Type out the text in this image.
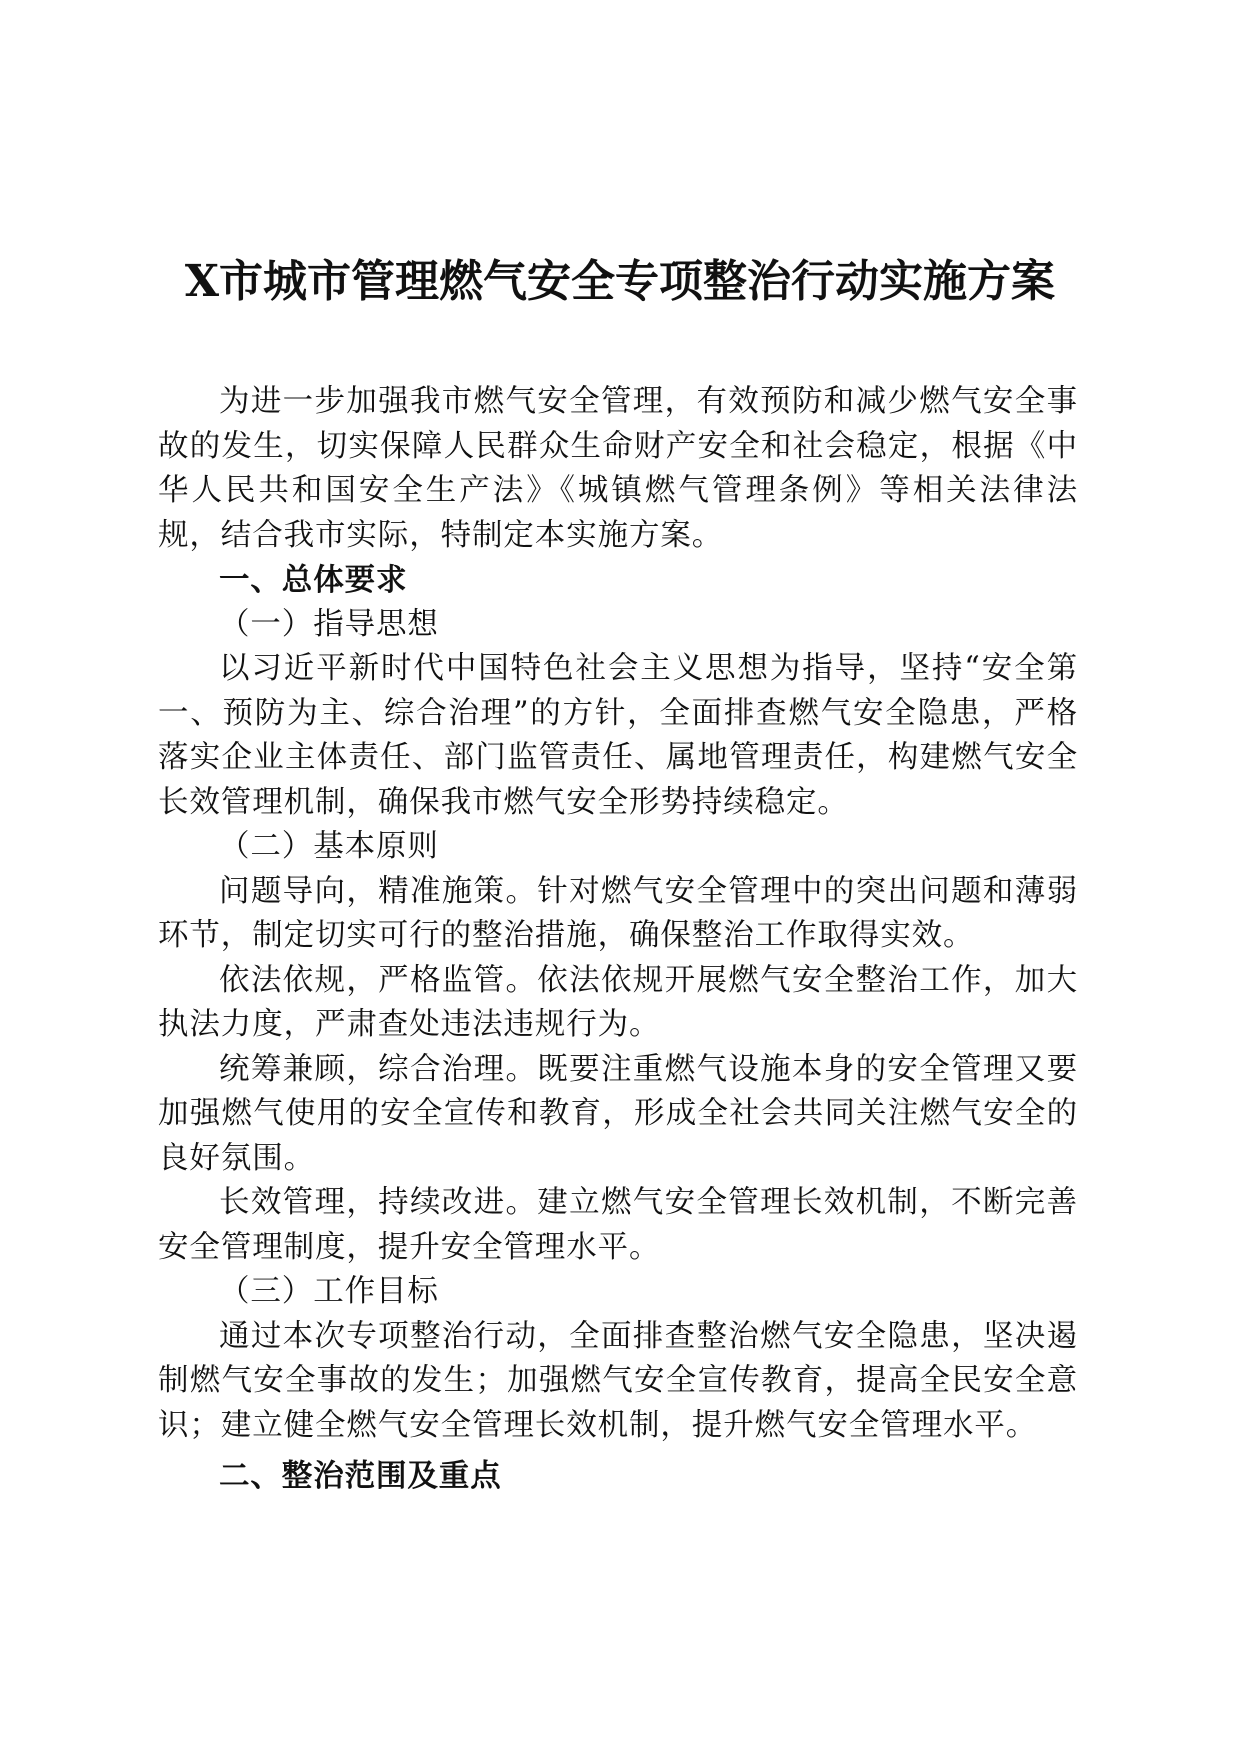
X市城市管理燃气安全专项整治行动实施方案

为进一步加强我市燃气安全管理，有效预防和减少燃气安全事故的发生，切实保障人民群众生命财产安全和社会稳定，根据《中华人民共和国安全生产法》《城镇燃气管理条例》等相关法律法规，结合我市实际，特制定本实施方案。

一、总体要求

（一）指导思想

以习近平新时代中国特色社会主义思想为指导，坚持“安全第一、预防为主、综合治理”的方针，全面排查燃气安全隐患，严格落实企业主体责任、部门监管责任、属地管理责任，构建燃气安全长效管理机制，确保我市燃气安全形势持续稳定。

（二）基本原则

问题导向，精准施策。针对燃气安全管理中的突出问题和薄弱环节，制定切实可行的整治措施，确保整治工作取得实效。

依法依规，严格监管。依法依规开展燃气安全整治工作，加大执法力度，严肃查处违法违规行为。

统筹兼顾，综合治理。既要注重燃气设施本身的安全管理又要加强燃气使用的安全宣传和教育，形成全社会共同关注燃气安全的良好氛围。

长效管理，持续改进。建立燃气安全管理长效机制，不断完善安全管理制度，提升安全管理水平。

（三）工作目标

通过本次专项整治行动，全面排查整治燃气安全隐患，坚决遏制燃气安全事故的发生；加强燃气安全宣传教育，提高全民安全意识；建立健全燃气安全管理长效机制，提升燃气安全管理水平。

二、整治范围及重点
